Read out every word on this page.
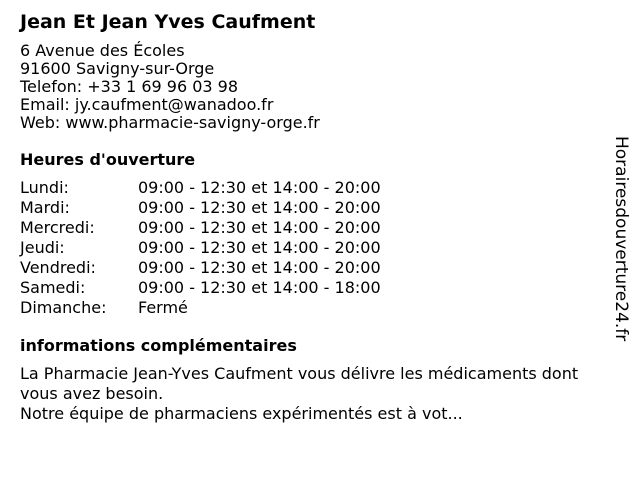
Jean Et Jean Yves Caufment
6 Avenue des Écoles
91600 Savigny-sur-Orge
Telefon: +33 1 69 96 03 98
Email: jy.caufment@wanadoo.fr
Web: www.pharmacie-savigny-orge.fr
Heures d'ouverture
Lundi:	09:00 - 12:30 et 14:00 - 20:00
Mardi:	09:00 - 12:30 et 14:00 - 20:00
Mercredi:	09:00 - 12:30 et 14:00 - 20:00
Jeudi:	09:00 - 12:30 et 14:00 - 20:00
Vendredi:	09:00 - 12:30 et 14:00 - 20:00
Samedi:	09:00 - 12:30 et 14:00 - 18:00
Dimanche:	Fermé
informations complémentaires

La Pharmacie Jean-Yves Caufment vous délivre les médicaments dont vous avez besoin.

Notre équipe de pharmaciens expérimentés est à vot...

Horairesdouverture24.fr
